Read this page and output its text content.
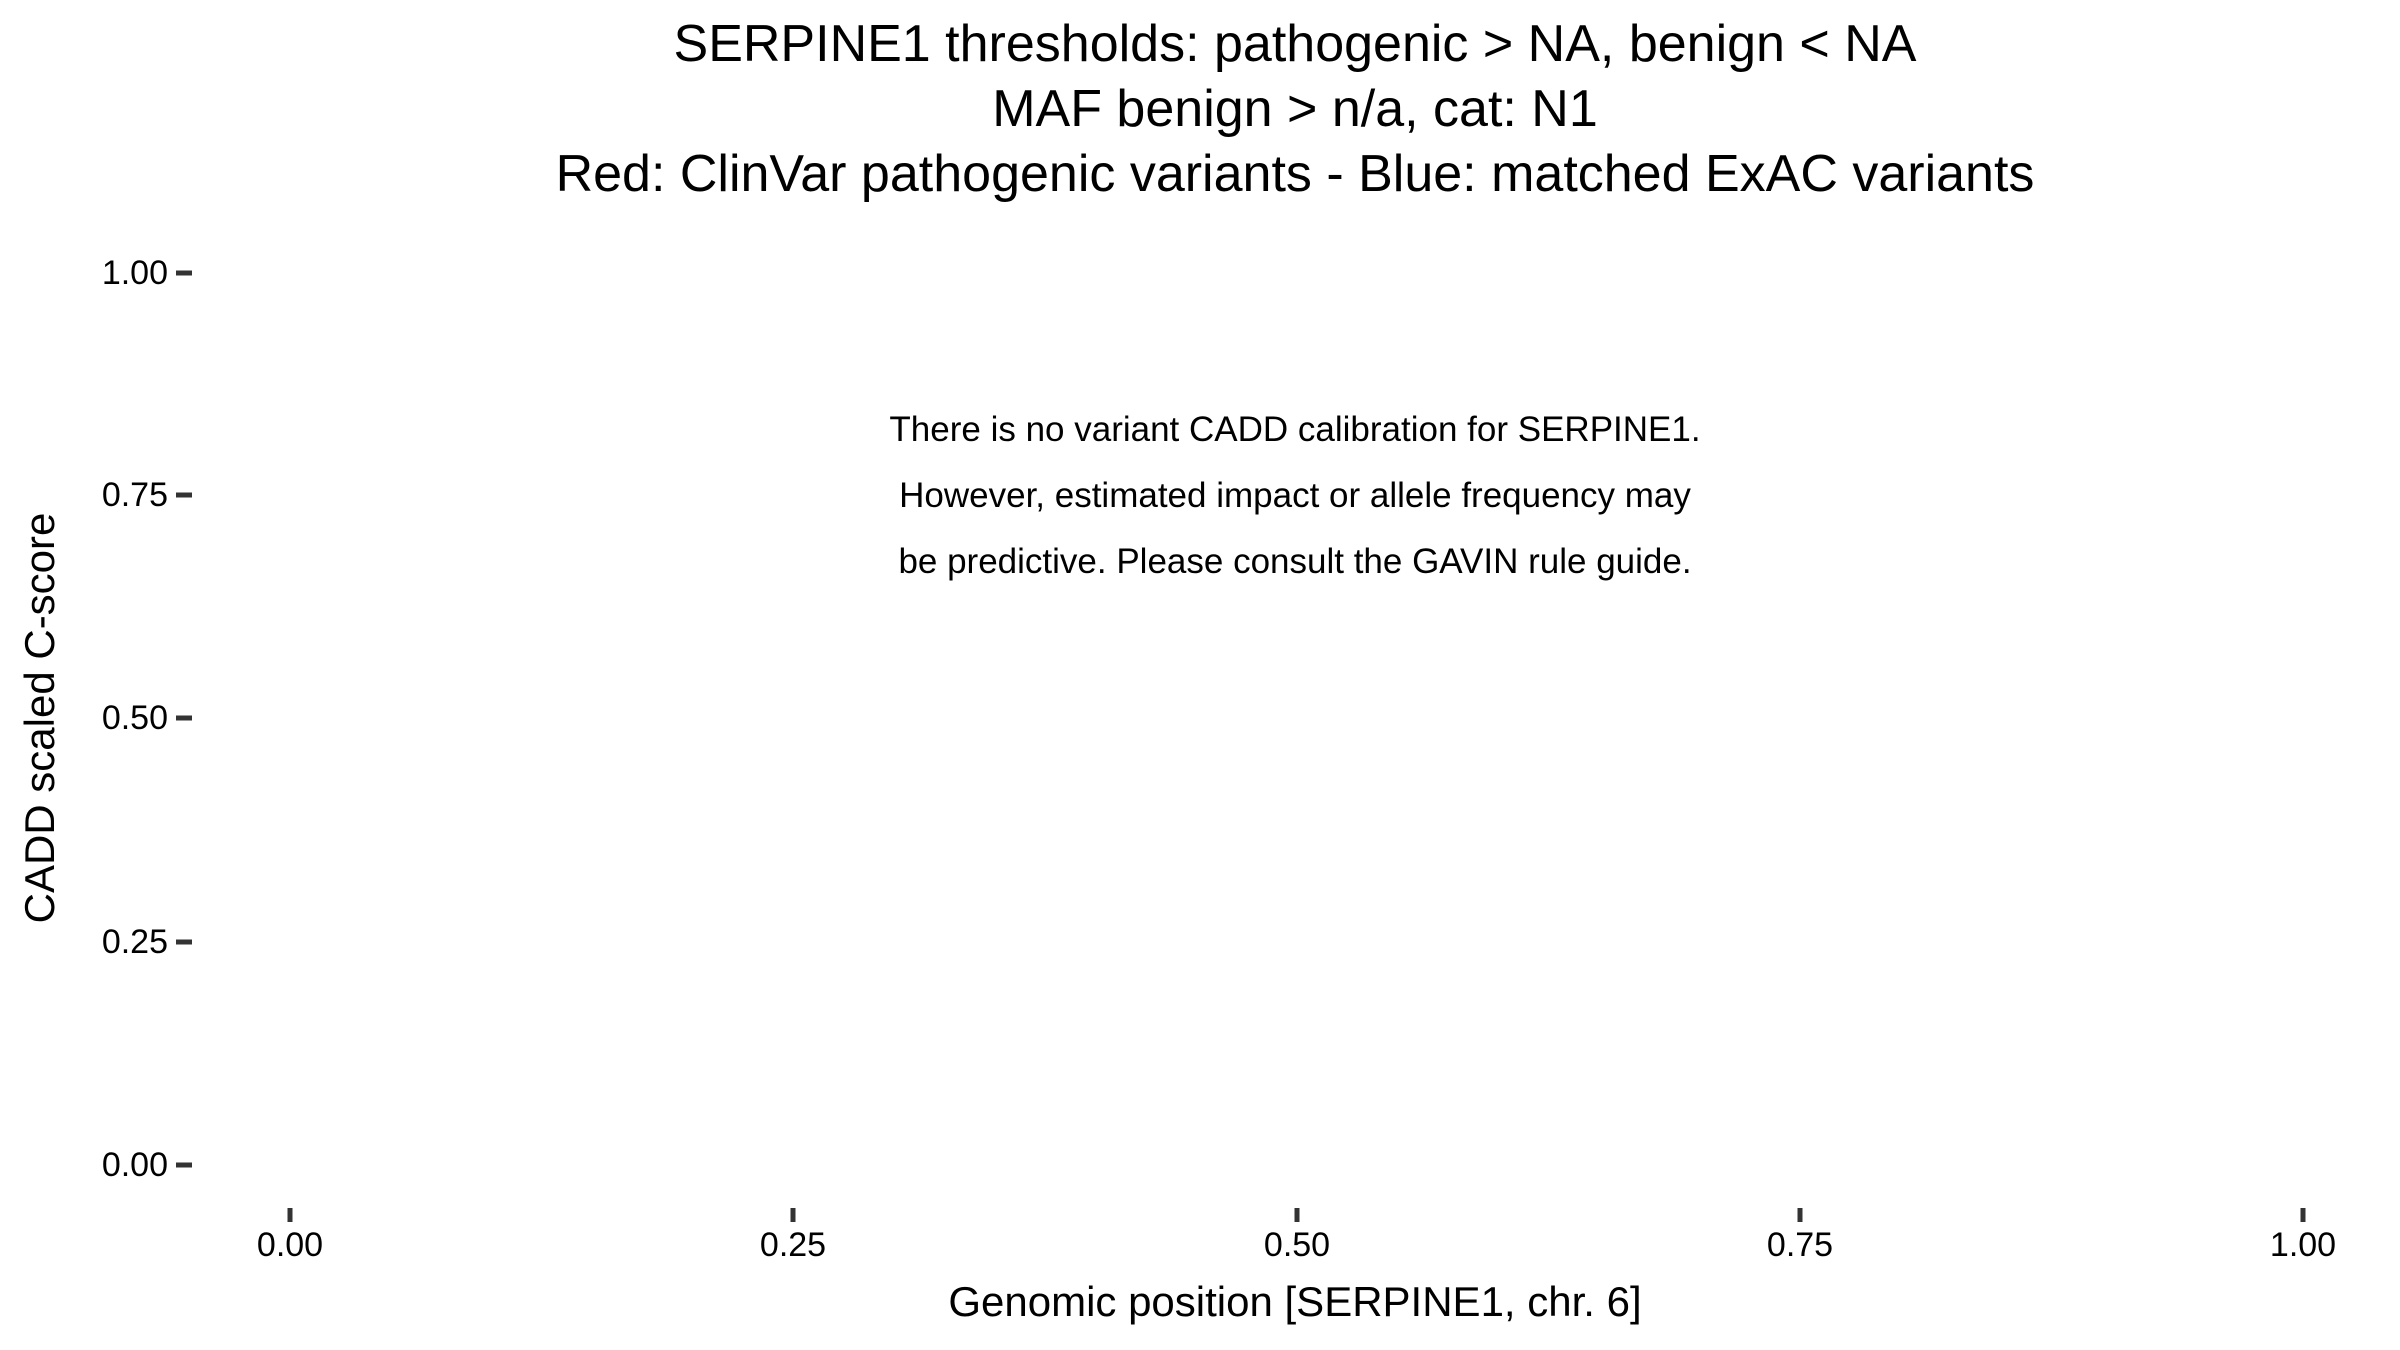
SERPINE1 thresholds: pathogenic > NA, benign < NA
MAF benign > n/a, cat: N1
Red: ClinVar pathogenic variants - Blue: matched ExAC variants
CADD scaled C-score
1.00
0.75
0.50
0.25
0.00
0.00	0.25	0.50	0.75	1.00
Genomic position [SERPINE1, chr. 6]
There is no variant CADD calibration for SERPINE1.
However, estimated impact or allele frequency may
be predictive. Please consult the GAVIN rule guide.
